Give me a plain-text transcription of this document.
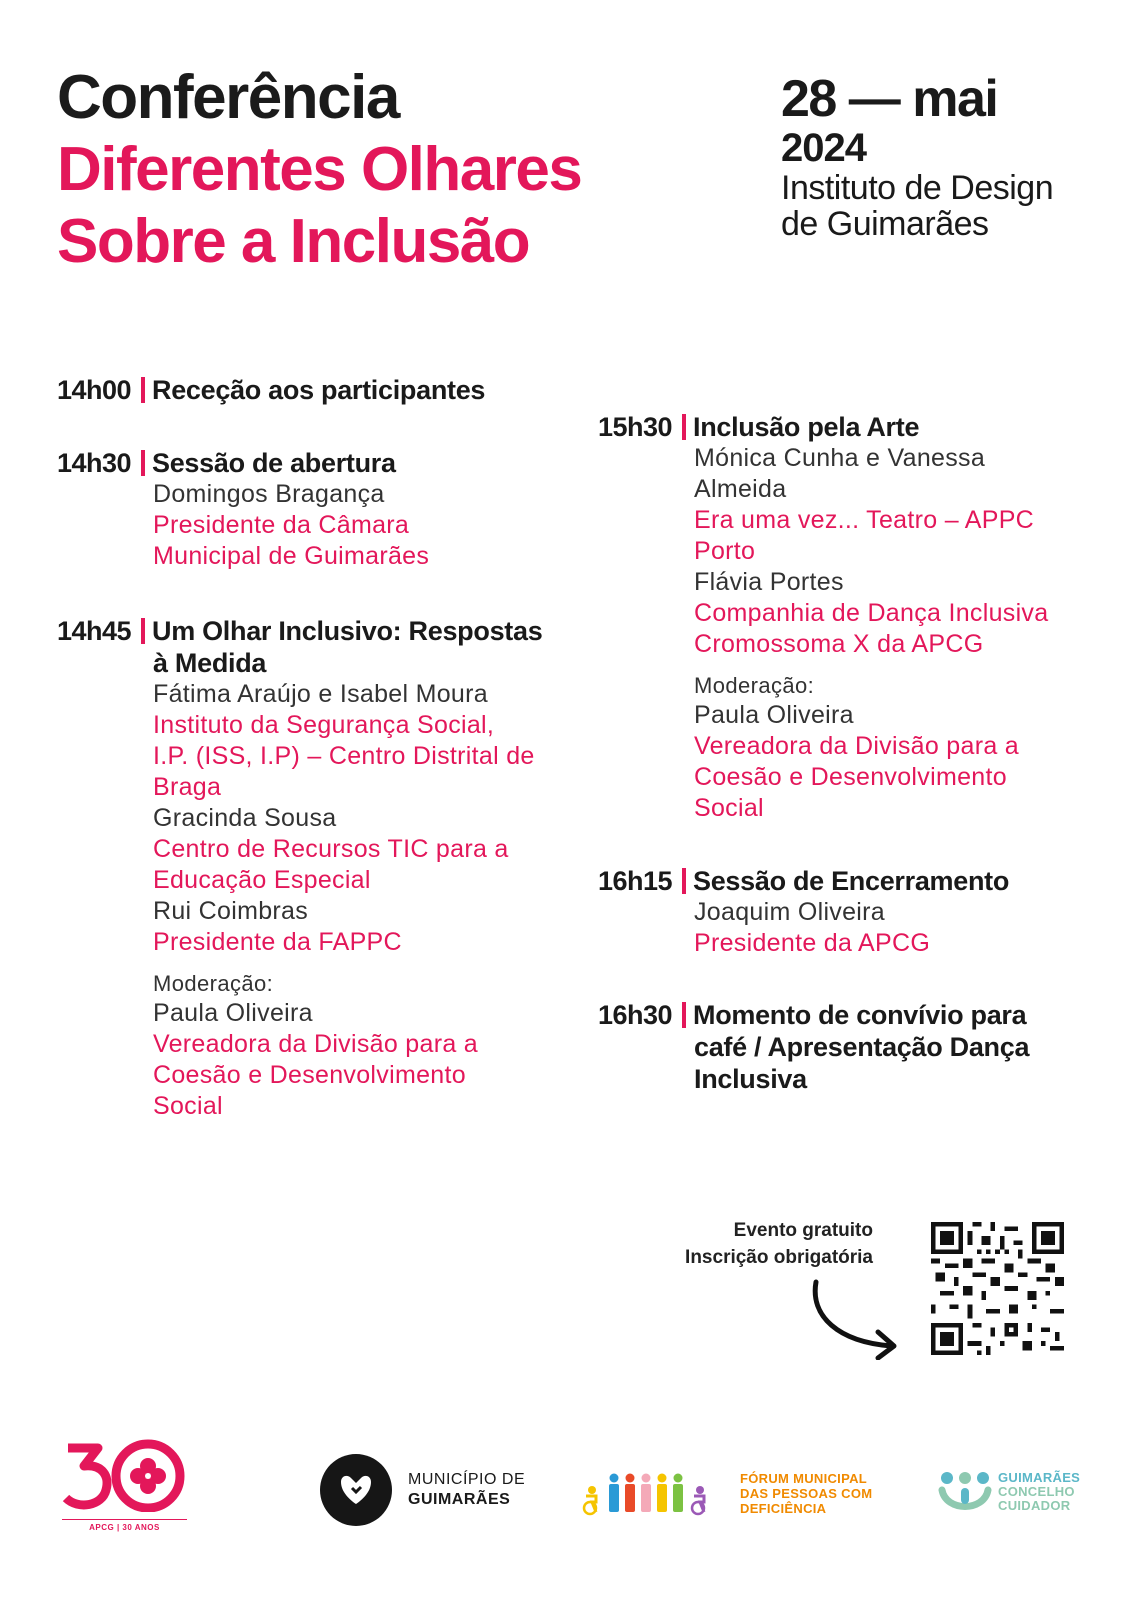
Conferência
Diferentes Olhares
Sobre a Inclusão
28 — mai
2024
Instituto de Design
de Guimarães
14h00 Receção aos participantes
14h30 Sessão de abertura
Domingos Bragança
Presidente da Câmara
Municipal de Guimarães
14h45 Um Olhar Inclusivo: Respostas
à Medida
Fátima Araújo e Isabel Moura
Instituto da Segurança Social,
I.P. (ISS, I.P) – Centro Distrital de
Braga
Gracinda Sousa
Centro de Recursos TIC para a
Educação Especial
Rui Coimbras
Presidente da FAPPC
Moderação:
Paula Oliveira
Vereadora da Divisão para a
Coesão e Desenvolvimento
Social
15h30 Inclusão pela Arte
Mónica Cunha e Vanessa
Almeida
Era uma vez... Teatro – APPC
Porto
Flávia Portes
Companhia de Dança Inclusiva
Cromossoma X da APCG
Moderação:
Paula Oliveira
Vereadora da Divisão para a
Coesão e Desenvolvimento
Social
16h15 Sessão de Encerramento
Joaquim Oliveira
Presidente da APCG
16h30 Momento de convívio para
café / Apresentação Dança
Inclusiva
Evento gratuito
Inscrição obrigatória
APCG | 30 ANOS
MUNICÍPIO DE
GUIMARÃES
FÓRUM MUNICIPAL
DAS PESSOAS COM
DEFICIÊNCIA
GUIMARÃES
CONCELHO
CUIDADOR
